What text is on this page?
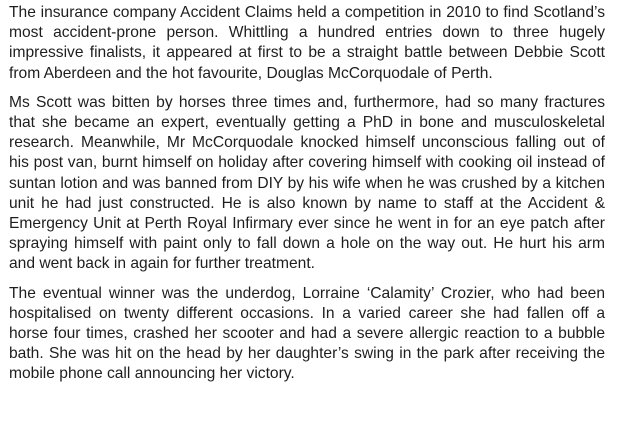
The insurance company Accident Claims held a competition in 2010 to find Scotland’s most accident-prone person. Whittling a hundred entries down to three hugely impressive finalists, it appeared at first to be a straight battle between Debbie Scott from Aberdeen and the hot favourite, Douglas McCorquodale of Perth.

Ms Scott was bitten by horses three times and, furthermore, had so many fractures that she became an expert, eventually getting a PhD in bone and musculoskeletal research. Meanwhile, Mr McCorquodale knocked himself unconscious falling out of his post van, burnt himself on holiday after covering himself with cooking oil instead of suntan lotion and was banned from DIY by his wife when he was crushed by a kitchen unit he had just constructed. He is also known by name to staff at the Accident & Emergency Unit at Perth Royal Infirmary ever since he went in for an eye patch after spraying himself with paint only to fall down a hole on the way out. He hurt his arm and went back in again for further treatment.

The eventual winner was the underdog, Lorraine ‘Calamity’ Crozier, who had been hospitalised on twenty different occasions. In a varied career she had fallen off a horse four times, crashed her scooter and had a severe allergic reaction to a bubble bath. She was hit on the head by her daughter’s swing in the park after receiving the mobile phone call announcing her victory.
